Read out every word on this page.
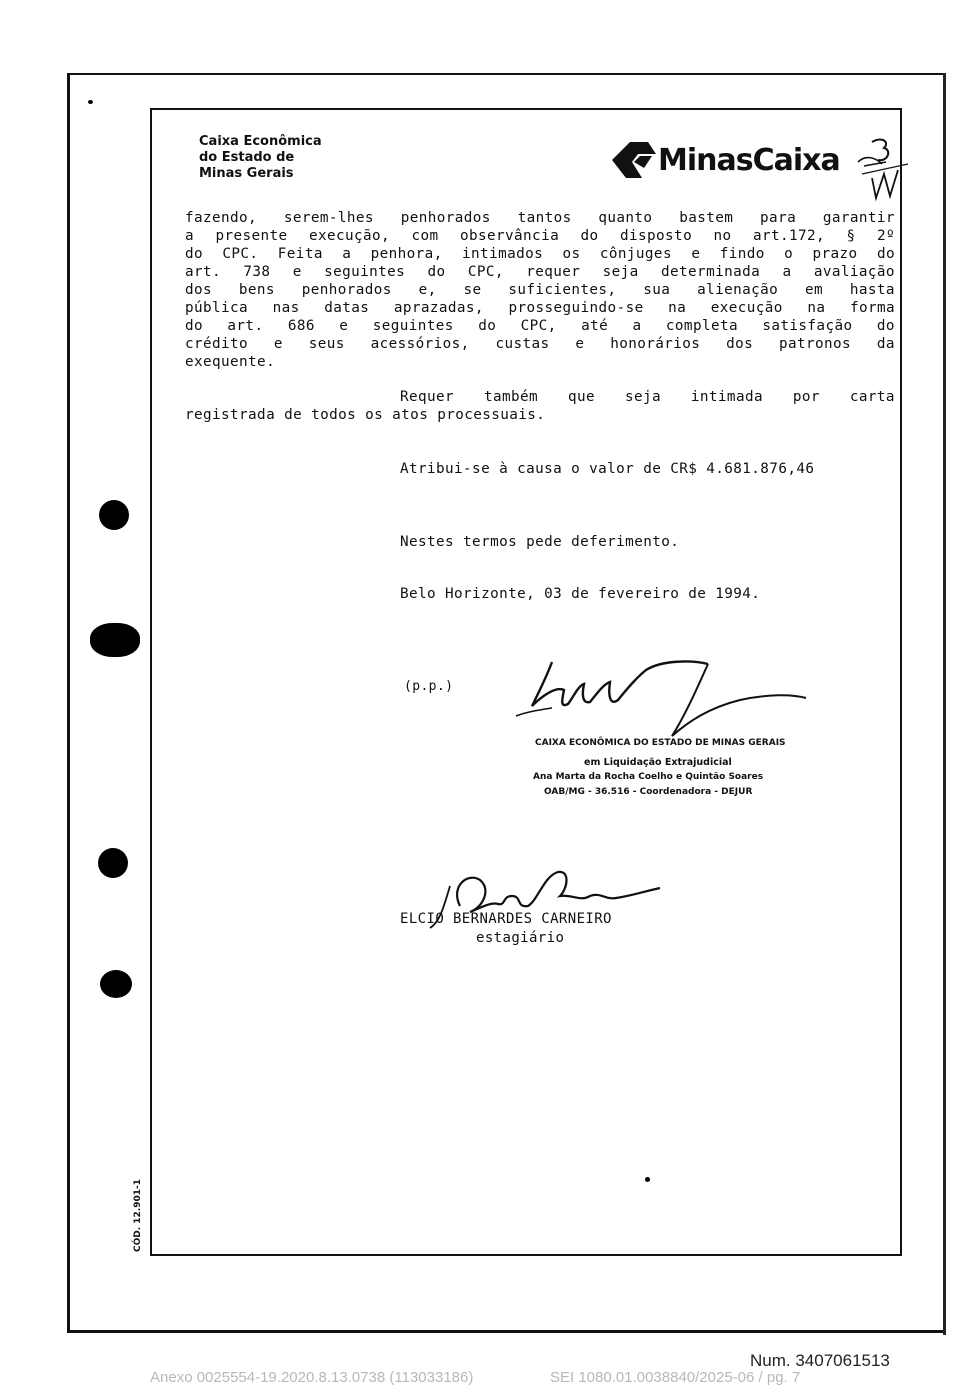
Caixa Econômica
do Estado de
Minas Gerais	MinasCaixa
fazendo, serem-lhes penhorados tantos quanto bastem para garantir
a presente execução, com observância do disposto no art.172, § 2º
do CPC. Feita a penhora, intimados os cônjuges e findo o prazo do
art. 738 e seguintes do CPC, requer seja determinada a avaliação
dos bens penhorados e, se suficientes, sua alienação em hasta
pública nas datas aprazadas, prosseguindo-se na execução na forma
do art. 686 e seguintes do CPC, até a completa satisfação do
crédito e seus acessórios, custas e honorários dos patronos da
exequente.
Requer também que seja intimada por carta
registrada de todos os atos processuais.
Atribui-se à causa o valor de CR$ 4.681.876,46
Nestes termos pede deferimento.
Belo Horizonte, 03 de fevereiro de 1994.
(p.p.)
CAIXA ECONÔMICA DO ESTADO DE MINAS GERAIS
em Liquidação Extrajudicial
Ana Marta da Rocha Coelho e Quintão Soares
OAB/MG - 36.516 - Coordenadora - DEJUR
ELCIO BERNARDES CARNEIRO
estagiário
CÓD. 12.901-1
Num. 3407061513
Anexo 0025554-19.2020.8.13.0738 (113033186)	SEI 1080.01.0038840/2025-06 / pg. 7
